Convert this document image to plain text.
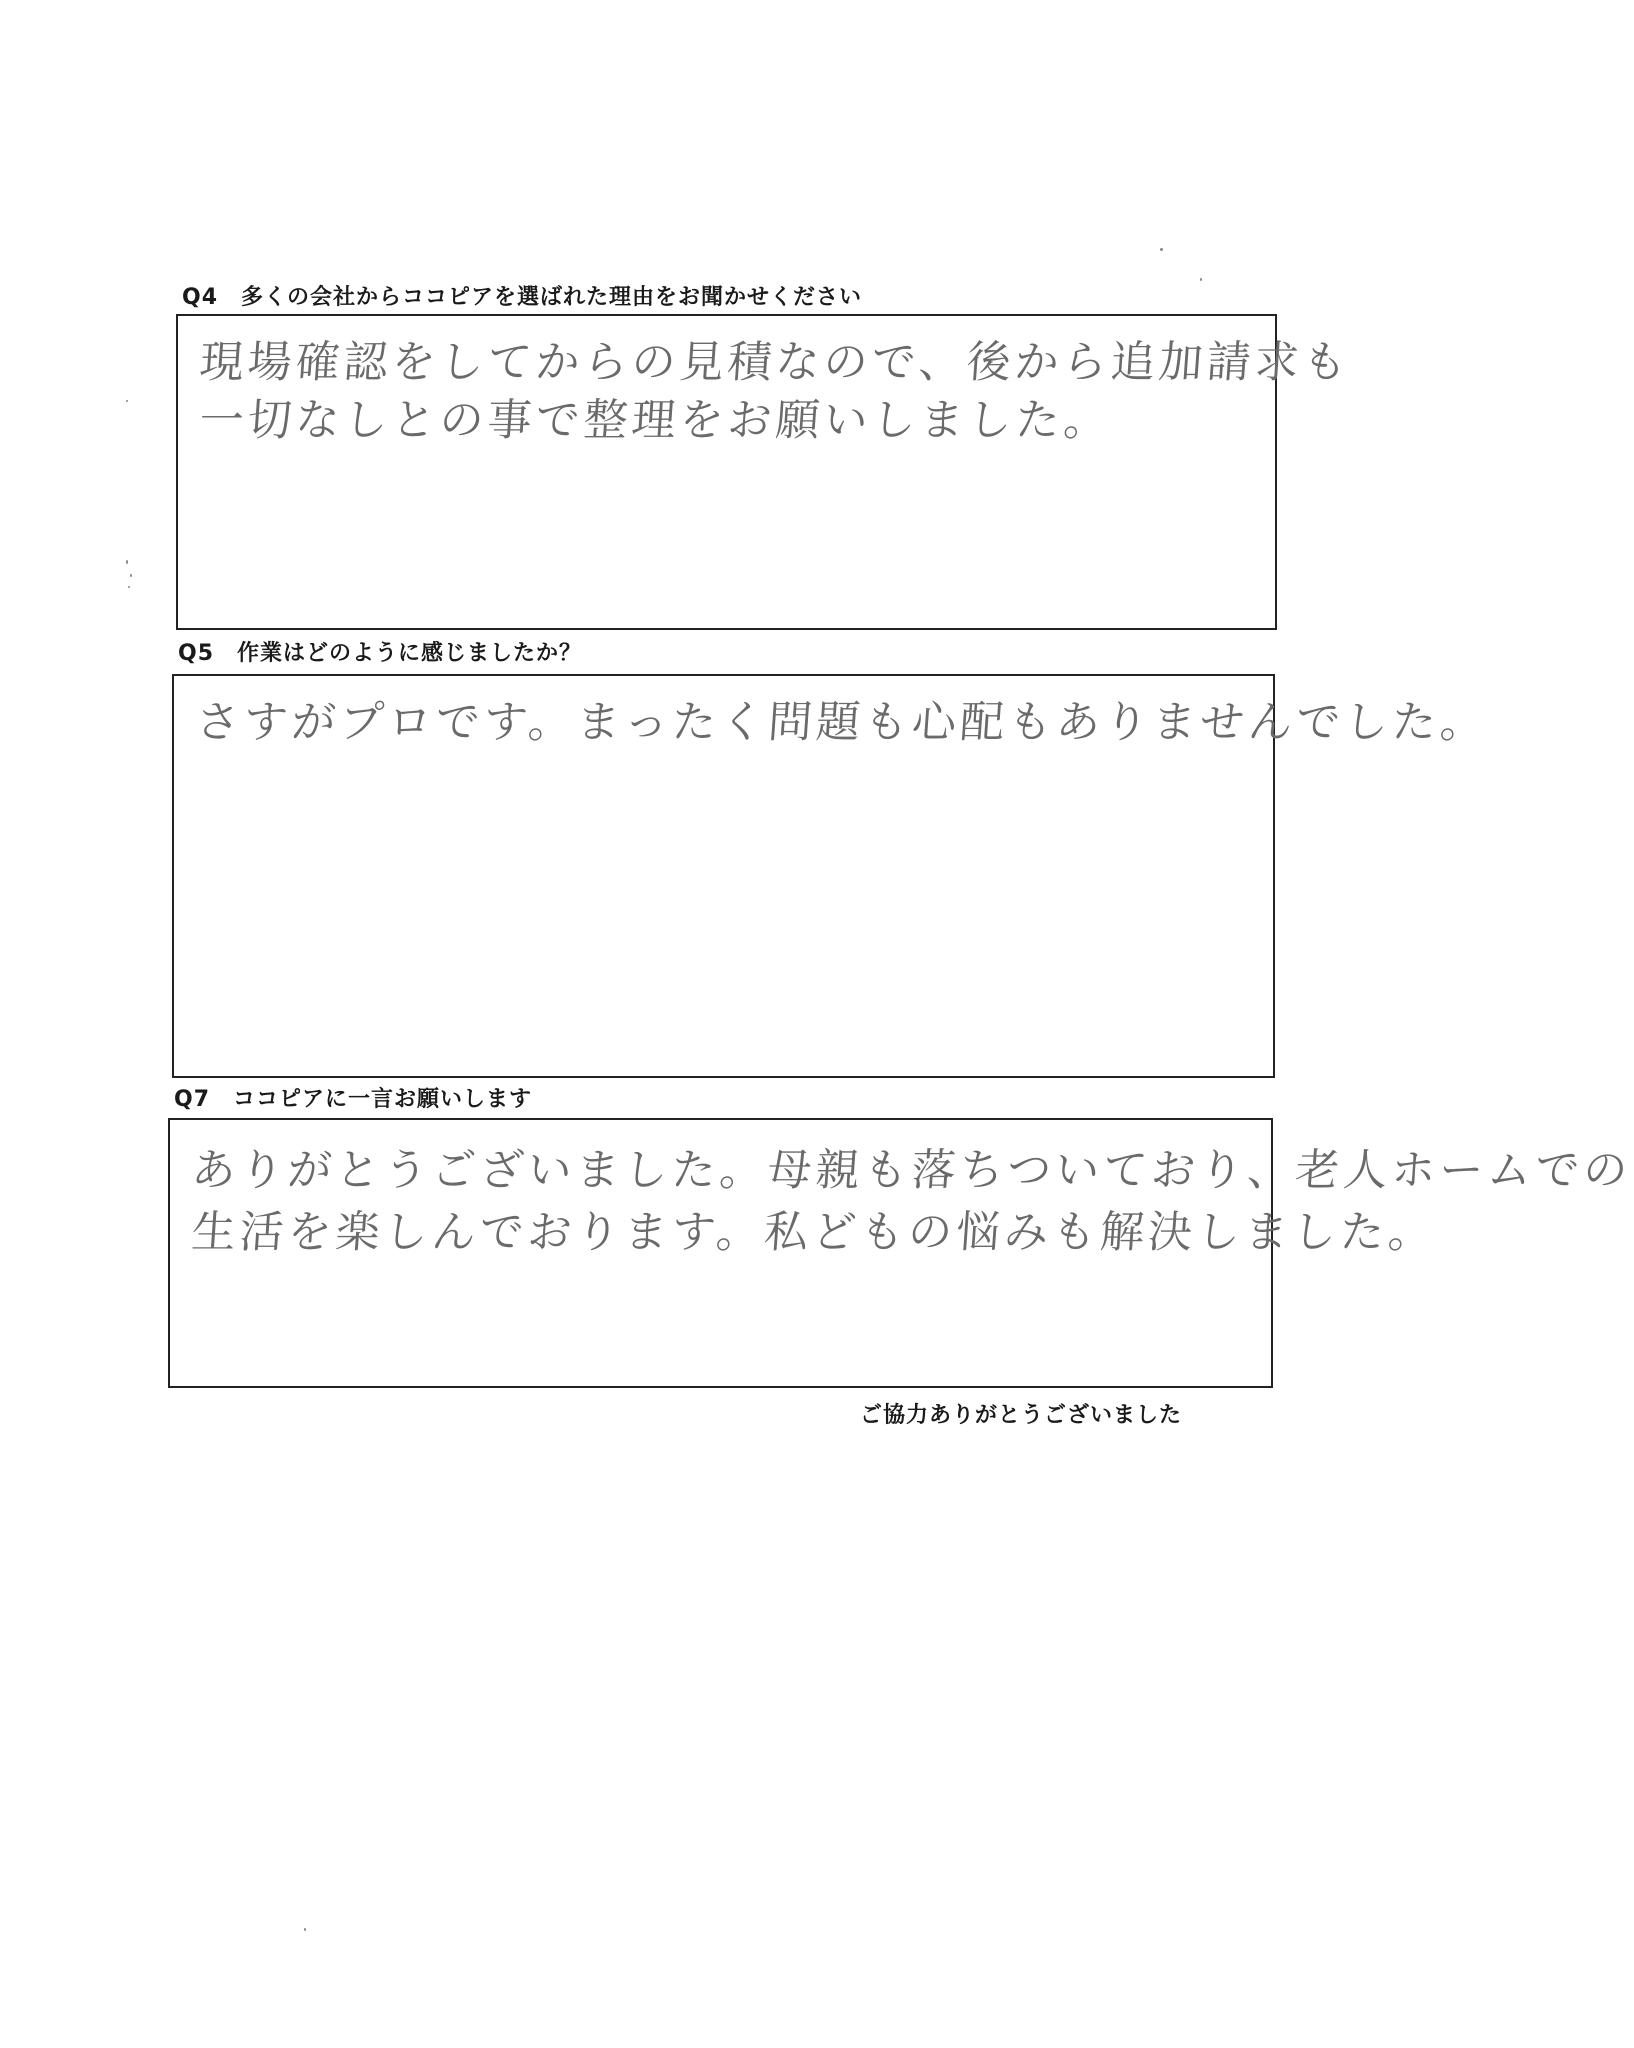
Q4　多くの会社からココピアを選ばれた理由をお聞かせください
現場確認をしてからの見積なので、後から追加請求も
一切なしとの事で整理をお願いしました。
Q5　作業はどのように感じましたか？
さすがプロです。まったく問題も心配もありませんでした。
Q7　ココピアに一言お願いします
ありがとうございました。母親も落ちついており、老人ホームでの
生活を楽しんでおります。私どもの悩みも解決しました。
ご協力ありがとうございました
